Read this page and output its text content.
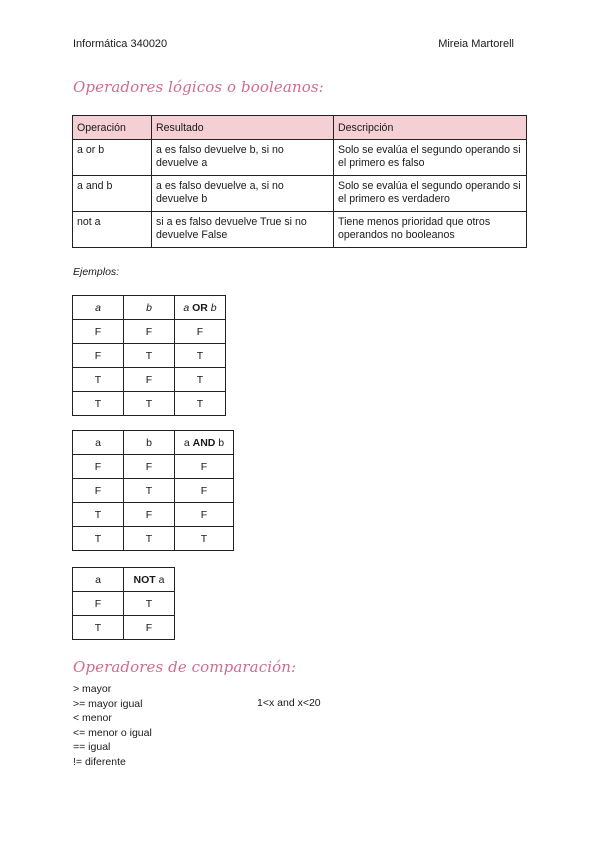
Informática 340020	Mireia Martorell
Operadores lógicos o booleanos:
Operación	Resultado	Descripción
a or b	a es falso devuelve b, si no devuelve a	Solo se evalúa el segundo operando si el primero es falso
a and b	a es falso devuelve a, si no devuelve b	Solo se evalúa el segundo operando si el primero es verdadero
not a	si a es falso devuelve True si no devuelve False	Tiene menos prioridad que otros operandos no booleanos
Ejemplos:
a	b	a OR b
F	F	F
F	T	T
T	F	T
T	T	T
a	b	a AND b
F	F	F
F	T	F
T	F	F
T	T	T
a	NOT a
F	T
T	F
Operadores de comparación:
> mayor
>= mayor igual
< menor
<= menor o igual
== igual
!= diferente
1<x and x<20
